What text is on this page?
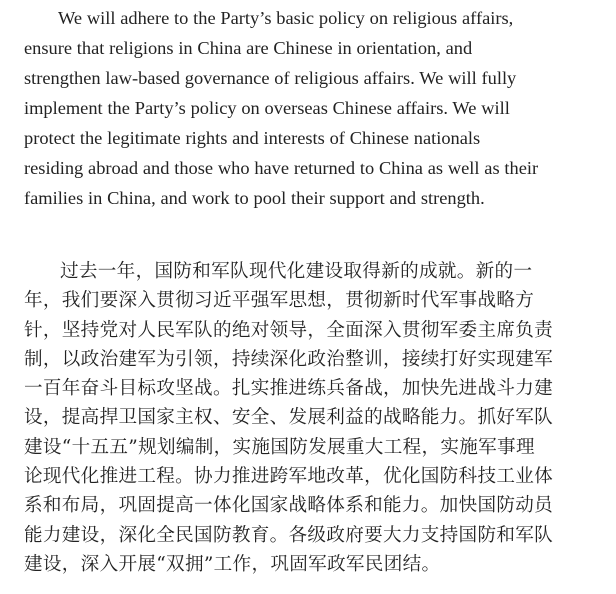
We will adhere to the Party’s basic policy on religious affairs,
ensure that religions in China are Chinese in orientation, and
strengthen law-based governance of religious affairs. We will fully
implement the Party’s policy on overseas Chinese affairs. We will
protect the legitimate rights and interests of Chinese nationals
residing abroad and those who have returned to China as well as their
families in China, and work to pool their support and strength.

过去一年，国防和军队现代化建设取得新的成就。新的一
年，我们要深入贯彻习近平强军思想，贯彻新时代军事战略方
针，坚持党对人民军队的绝对领导，全面深入贯彻军委主席负责
制，以政治建军为引领，持续深化政治整训，接续打好实现建军
一百年奋斗目标攻坚战。扎实推进练兵备战，加快先进战斗力建
设，提高捍卫国家主权、安全、发展利益的战略能力。抓好军队
建设“十五五”规划编制，实施国防发展重大工程，实施军事理
论现代化推进工程。协力推进跨军地改革，优化国防科技工业体
系和布局，巩固提高一体化国家战略体系和能力。加快国防动员
能力建设，深化全民国防教育。各级政府要大力支持国防和军队
建设，深入开展“双拥”工作，巩固军政军民团结。
